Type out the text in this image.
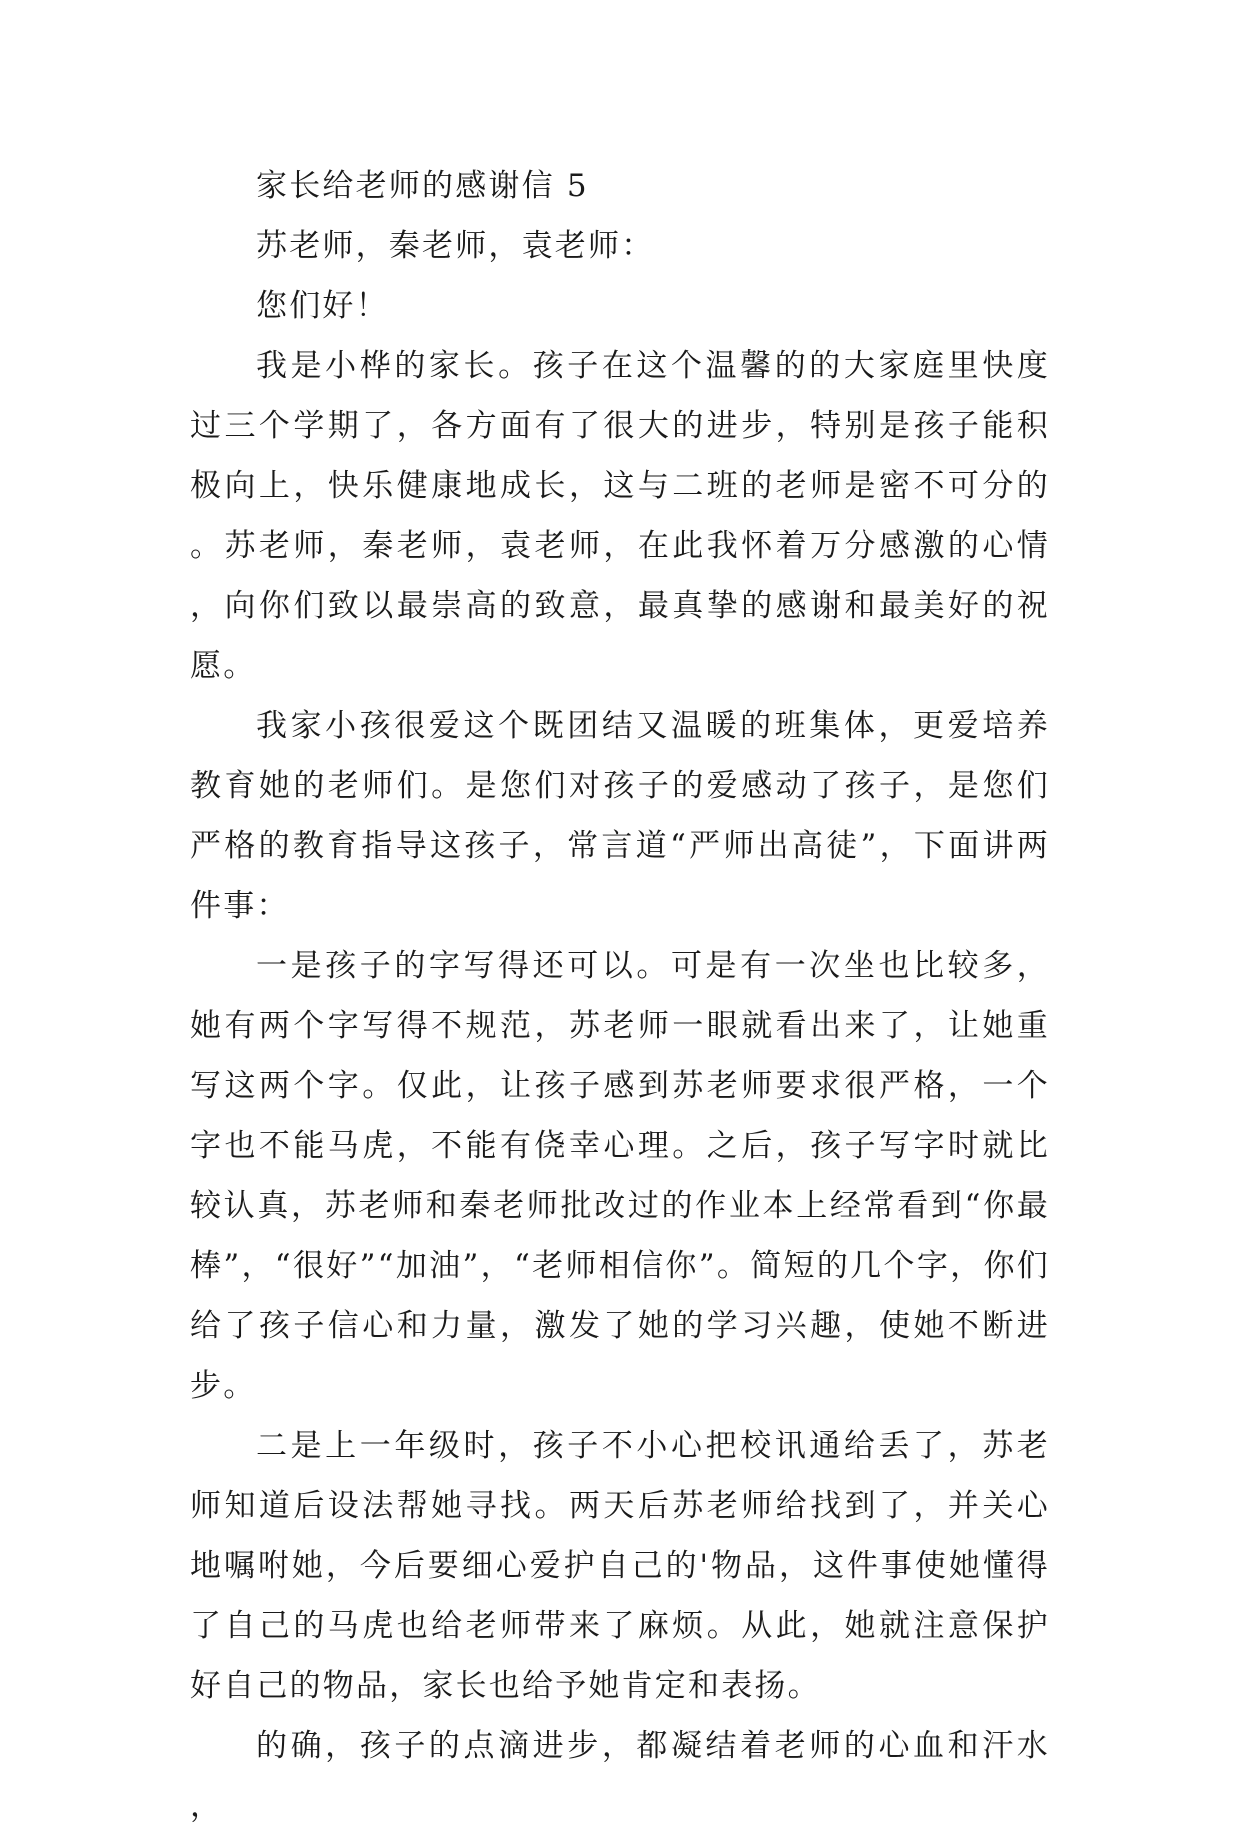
家长给老师的感谢信 5

苏老师，秦老师，袁老师：

您们好！

我是小桦的家长。孩子在这个温馨的的大家庭里快度过三个学期了，各方面有了很大的进步，特别是孩子能积极向上，快乐健康地成长，这与二班的老师是密不可分的。苏老师，秦老师，袁老师，在此我怀着万分感激的心情，向你们致以最崇高的致意，最真挚的感谢和最美好的祝愿。

我家小孩很爱这个既团结又温暖的班集体，更爱培养教育她的老师们。是您们对孩子的爱感动了孩子，是您们严格的教育指导这孩子，常言道“严师出高徒”，下面讲两件事：

一是孩子的字写得还可以。可是有一次坐也比较多，她有两个字写得不规范，苏老师一眼就看出来了，让她重写这两个字。仅此，让孩子感到苏老师要求很严格，一个字也不能马虎，不能有侥幸心理。之后，孩子写字时就比较认真，苏老师和秦老师批改过的作业本上经常看到“你最棒”，“很好”“加油”，“老师相信你”。简短的几个字，你们给了孩子信心和力量，激发了她的学习兴趣，使她不断进步。

二是上一年级时，孩子不小心把校讯通给丢了，苏老师知道后设法帮她寻找。两天后苏老师给找到了，并关心地嘱咐她，今后要细心爱护自己的'物品，这件事使她懂得了自己的马虎也给老师带来了麻烦。从此，她就注意保护好自己的物品，家长也给予她肯定和表扬。

的确，孩子的点滴进步，都凝结着老师的心血和汗水，
